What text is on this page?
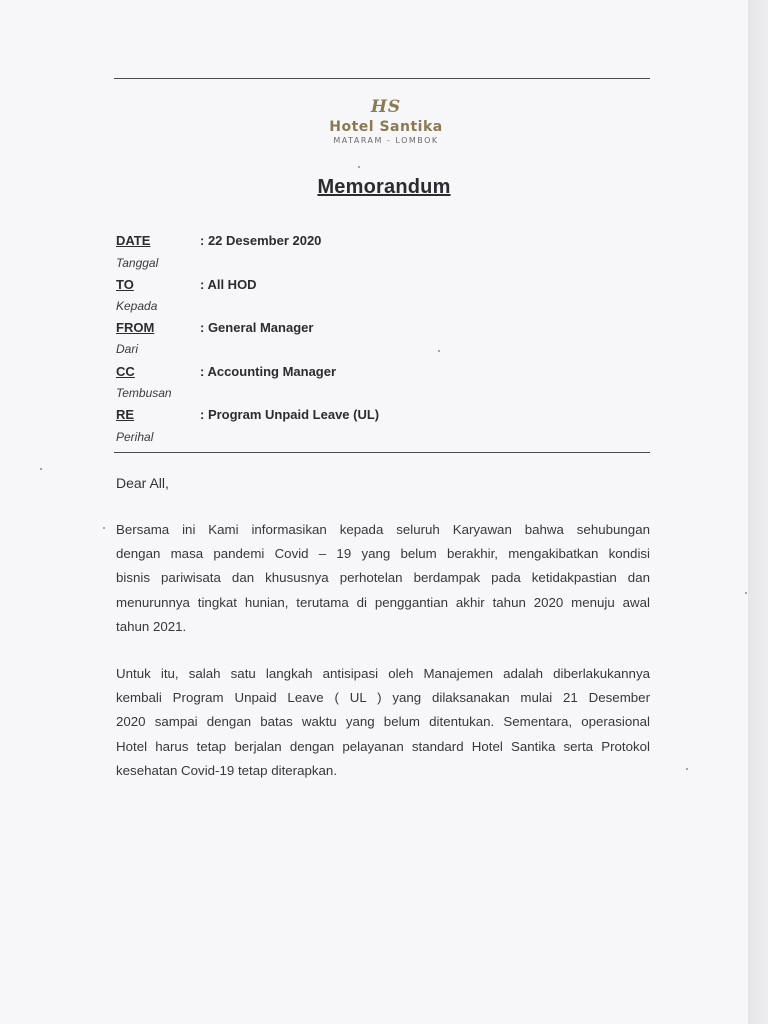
HS
Hotel Santika
MATARAM - LOMBOK
Memorandum
DATE	: 22 Desember 2020
Tanggal
TO	: All HOD
Kepada
FROM	: General Manager
Dari
CC	: Accounting Manager
Tembusan
RE	: Program Unpaid Leave (UL)
Perihal
Dear All,
Bersama ini Kami informasikan kepada seluruh Karyawan bahwa sehubungan
dengan masa pandemi Covid – 19 yang belum berakhir, mengakibatkan kondisi
bisnis pariwisata dan khususnya perhotelan berdampak pada ketidakpastian dan
menurunnya tingkat hunian, terutama di penggantian akhir tahun 2020 menuju awal
tahun 2021.
Untuk itu, salah satu langkah antisipasi oleh Manajemen adalah diberlakukannya
kembali Program Unpaid Leave ( UL ) yang dilaksanakan mulai 21 Desember
2020 sampai dengan batas waktu yang belum ditentukan. Sementara, operasional
Hotel harus tetap berjalan dengan pelayanan standard Hotel Santika serta Protokol
kesehatan Covid-19 tetap diterapkan.
